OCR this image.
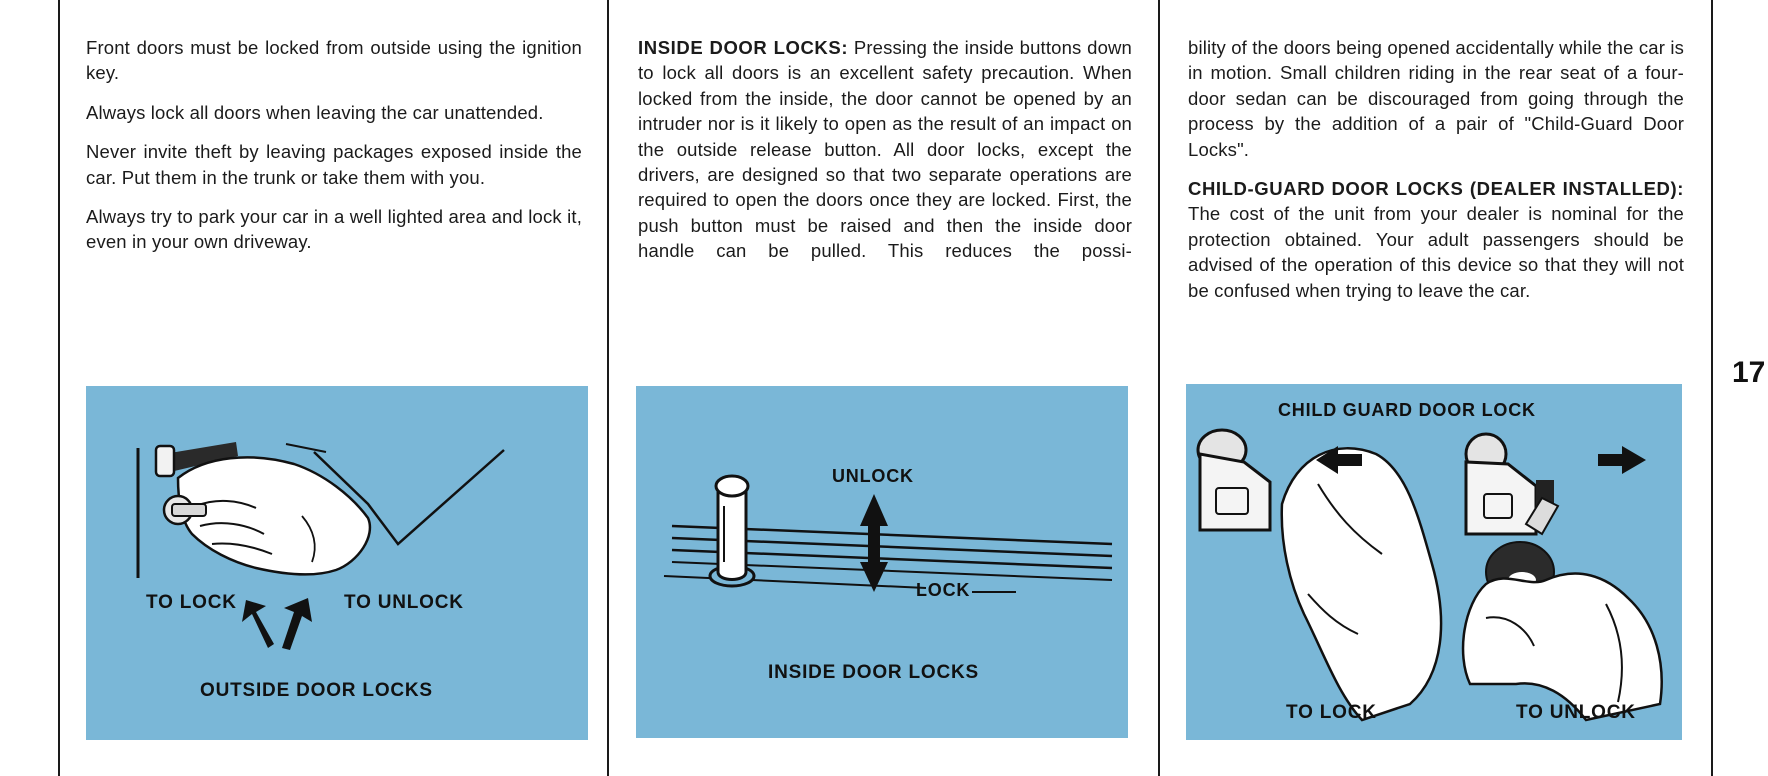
Front doors must be locked from outside using the ignition key.

Always lock all doors when leaving the car unattended.

Never invite theft by leaving packages exposed inside the car. Put them in the trunk or take them with you.

Always try to park your car in a well lighted area and lock it, even in your own driveway.

TO LOCK	TO UNLOCK
OUTSIDE DOOR LOCKS

INSIDE DOOR LOCKS: Pressing the inside buttons down to lock all doors is an excellent safety precaution. When locked from the inside, the door cannot be opened by an intruder nor is it likely to open as the result of an impact on the outside release button. All door locks, except the drivers, are designed so that two separate operations are required to open the doors once they are locked. First, the push button must be raised and then the inside door handle can be pulled. This reduces the possi-

UNLOCK
LOCK
INSIDE DOOR LOCKS

bility of the doors being opened accidentally while the car is in motion. Small children riding in the rear seat of a four-door sedan can be discouraged from going through the process by the addition of a pair of "Child-Guard Door Locks".

CHILD-GUARD DOOR LOCKS (DEALER INSTALLED): The cost of the unit from your dealer is nominal for the protection obtained. Your adult passengers should be advised of the operation of this device so that they will not be confused when trying to leave the car.

CHILD GUARD DOOR LOCK
TO LOCK	TO UNLOCK
17
